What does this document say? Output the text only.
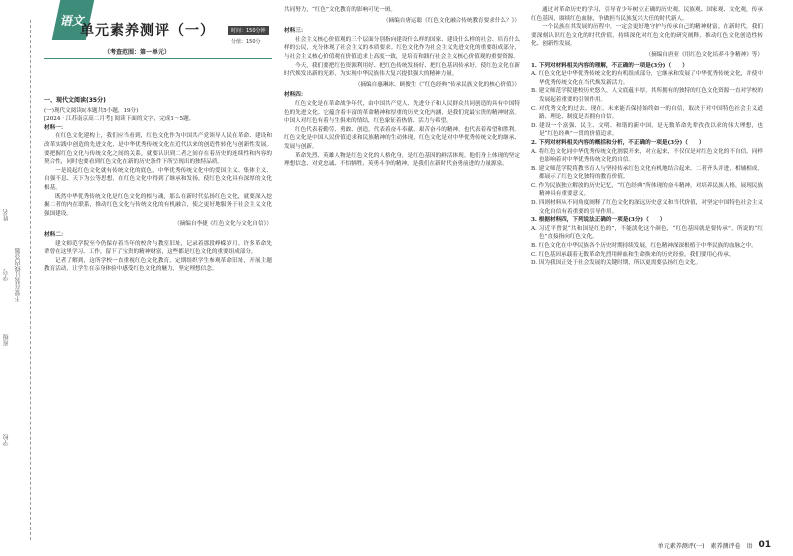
姓名
学号 不要在装订线内答题
班级
学校
语文
单元素养测评（一）	时间：150分钟
分值：150分
（考查范围：第一单元）
一、现代文阅读(35分)
(一)现代文阅读Ⅰ(本题共5小题，19分)
[2024 · 江苏南京高二月考] 阅读下面的文字，完成1～5题。
材料一：

在红色文化建构上，我们应当看到，红色文化作为中国共产党领导人民在革命、建设和改革实践中创造的先进文化，是中华优秀传统文化在近代以来的创造性转化与创新性发展。要把握红色文化与传统文化之间的关系，就要认识到二者之间存在着历史的连续性和内容的契合性，同时也要看到红色文化在新的历史条件下所呈现出的独特品质。

一是说起红色文化就有传统文化的底色。中华优秀传统文化中的爱国主义、集体主义、自强不息、天下为公等思想，在红色文化中得到了继承和发扬，使红色文化具有深厚的文化根基。

既然中华优秀传统文化是红色文化的根与魂，那么在新时代弘扬红色文化，就要深入挖掘二者的内在联系，推动红色文化与传统文化的有机融合，使之更好地服务于社会主义文化强国建设。

（摘编自李捷《红色文化与文化自信》）
材料二：

建文师范学院至今仍保存着当年的校舍与教室旧址，记录着那段峥嵘岁月。许多革命先辈曾在这里学习、工作，留下了宝贵的精神财富，这些都是红色文化的重要组成部分。

记者了解到，这所学校一直重视红色文化教育，定期组织学生参观革命旧址，开展主题教育活动，让学生在亲身体验中感受红色文化的魅力，坚定理想信念。

共同努力，“红色”文化教育的影响可见一斑。

（摘编自唐运聪《红色文化融合传统教育要求什么？》）
材料三：

社会主义核心价值观的三个层面分别指向建设什么样的国家、建设什么样的社会、培育什么样的公民，充分体现了社会主义的本质要求。红色文化作为社会主义先进文化的重要组成部分，与社会主义核心价值观在价值追求上高度一致，是培育和践行社会主义核心价值观的重要资源。

今天，我们要把红色资源利用好、把红色传统发扬好、把红色基因传承好，使红色文化在新时代焕发出新的光彩，为实现中华民族伟大复兴提供强大的精神力量。

（摘编自惠琳冰、顾俊生《“红色经典”传承民族文化的核心价值》）
材料四：

红色文化是在革命战争年代，由中国共产党人、先进分子和人民群众共同创造的具有中国特色的先进文化。它蕴含着丰富的革命精神和厚重的历史文化内涵，是我们党最宝贵的精神财富。中国人对红色有着与生俱来的情结，红色象征着热情、活力与希望。

红色代表着勤劳、勇敢、创造，代表着奋斗奉献、艰苦奋斗的精神，也代表着希望和胜利。红色文化是中国人民价值追求和民族精神的生动体现，红色文化是对中华优秀传统文化的继承、发展与创新。

革命先烈、英雄人物是红色文化的人格化身，是红色基因的鲜活体现。他们身上体现的坚定理想信念、对党忠诚、不怕牺牲、英勇斗争的精神，是我们在新时代奋勇前进的力量源泉。

通过对革命历史的学习，引导青少年树立正确的历史观、民族观、国家观、文化观，传承红色基因，赓续红色血脉，争做担当民族复兴大任的时代新人。

一个民族在其发展的历程中，一定会更好地守护与传承自己的精神财富。在新时代，我们要深刻认识红色文化的时代价值，持续深化对红色文化的研究阐释，推动红色文化创造性转化、创新性发展。

（摘编自唐亚《用红色文化培养斗争精神》等）
1. 下列对材料相关内容的理解，不正确的一项是(3分)（　　）
A. 红色文化是中华优秀传统文化的有机组成部分，它继承和发展了中华优秀传统文化，并使中华优秀传统文化在当代焕发新活力。
B. 建文师范学院建校历史悠久，人文底蕴丰厚，其所拥有的独特的红色文化资源一直对学校的发展起着重要的引领作用。
C. 对优秀文化的过去、现在、未来能否保持始终如一的自信，取决于对中国特色社会主义道路、理论、制度是否拥有自信。
D. 建设一个富强、民主、文明、和谐的新中国，是无数革命先辈孜孜以求的伟大理想，也是“红色经典”一贯的价值追求。
2. 下列对材料相关内容的概括和分析，不正确的一项是(3分)（　　）
A. 将红色文化同中华优秀传统文化割裂开来，对立起来，不仅仅是对红色文化的不自信，同样也影响着对中华优秀传统文化的自信。
B. 建文师范学院将教书育人与坚持传承红色文化有机地结合起来，二者齐头并进，相辅相成，都展示了红色文化独特的教育价值。
C. 作为民族独立解放的历史记忆，“红色经典”所体现的奋斗精神，对培养民族人格，展现民族精神具有重要意义。
D. 四则材料从不同角度阐释了红色文化的深远历史意义和当代价值，对坚定中国特色社会主义文化自信有着重要的引导作用。
3. 根据材料四，下列说法正确的一项是(3分)（　　）
A. 习近平曾说“共和国是红色的”，不能淡化这个颜色，“红色基因就是要传承”，所说的“红色”直接指向红色文化。
B. 红色文化在中华民族各个历史时期持续发展，红色精神深深根植于中华民族的血脉之中。
C. 红色基因承载着无数革命先烈用鲜血和生命换来的历史经验，我们要用心传承。
D. 因为我国正处于社会发展的关键时期，所以更需要弘扬红色文化。
单元素养测评(一)　素养测评卷　语 01
